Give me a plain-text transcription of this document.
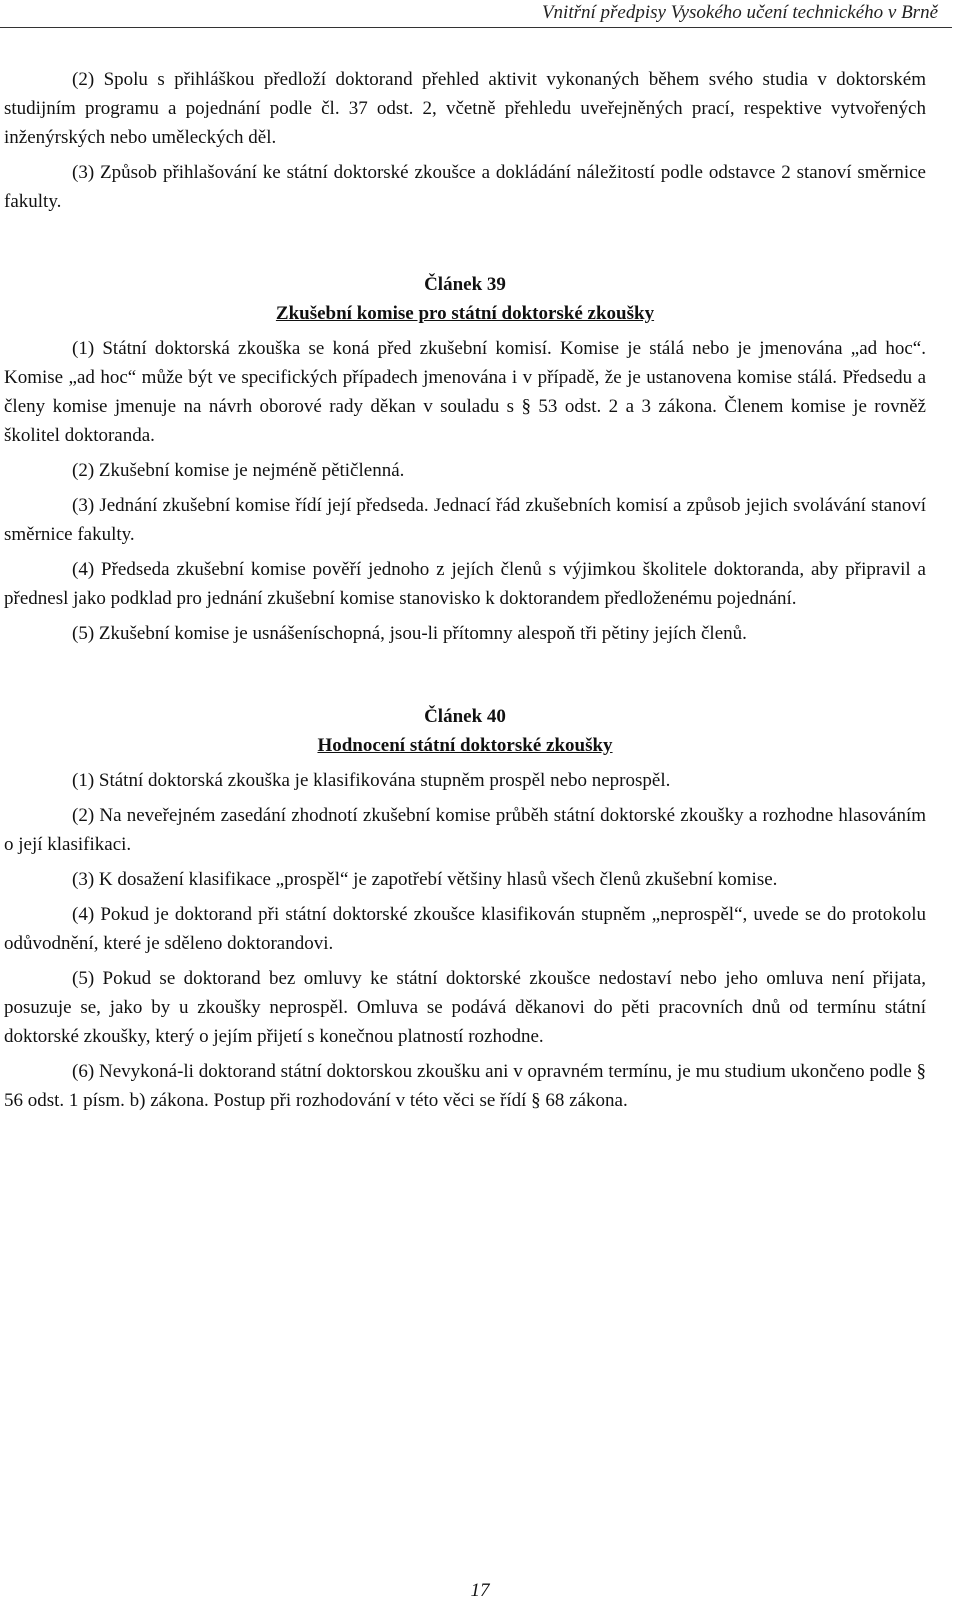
Vnitřní předpisy Vysokého učení technického v Brně

(2) Spolu s přihláškou předloží doktorand přehled aktivit vykonaných během svého studia v doktorském studijním programu a pojednání podle čl. 37 odst. 2, včetně přehledu uveřejněných prací, respektive vytvořených inženýrských nebo uměleckých děl.

(3) Způsob přihlašování ke státní doktorské zkoušce a dokládání náležitostí podle odstavce 2 stanoví směrnice fakulty.

Článek 39
Zkušební komise pro státní doktorské zkoušky

(1) Státní doktorská zkouška se koná před zkušební komisí. Komise je stálá nebo je jmenována „ad hoc“. Komise „ad hoc“ může být ve specifických případech jmenována i v případě, že je ustanovena komise stálá. Předsedu a členy komise jmenuje na návrh oborové rady děkan v souladu s § 53 odst. 2 a 3 zákona. Členem komise je rovněž školitel doktoranda.

(2) Zkušební komise je nejméně pětičlenná.

(3) Jednání zkušební komise řídí její předseda. Jednací řád zkušebních komisí a způsob jejich svolávání stanoví směrnice fakulty.

(4) Předseda zkušební komise pověří jednoho z jejích členů s výjimkou školitele doktoranda, aby připravil a přednesl jako podklad pro jednání zkušební komise stanovisko k doktorandem předloženému pojednání.

(5) Zkušební komise je usnášeníschopná, jsou-li přítomny alespoň tři pětiny jejích členů.

Článek 40
Hodnocení státní doktorské zkoušky

(1) Státní doktorská zkouška je klasifikována stupněm prospěl nebo neprospěl.

(2) Na neveřejném zasedání zhodnotí zkušební komise průběh státní doktorské zkoušky a rozhodne hlasováním o její klasifikaci.

(3) K dosažení klasifikace „prospěl“ je zapotřebí většiny hlasů všech členů zkušební komise.

(4) Pokud je doktorand při státní doktorské zkoušce klasifikován stupněm „neprospěl“, uvede se do protokolu odůvodnění, které je sděleno doktorandovi.

(5) Pokud se doktorand bez omluvy ke státní doktorské zkoušce nedostaví nebo jeho omluva není přijata, posuzuje se, jako by u zkoušky neprospěl. Omluva se podává děkanovi do pěti pracovních dnů od termínu státní doktorské zkoušky, který o jejím přijetí s konečnou platností rozhodne.

(6) Nevykoná-li doktorand státní doktorskou zkoušku ani v opravném termínu, je mu studium ukončeno podle § 56 odst. 1 písm. b) zákona. Postup při rozhodování v této věci se řídí § 68 zákona.

17
